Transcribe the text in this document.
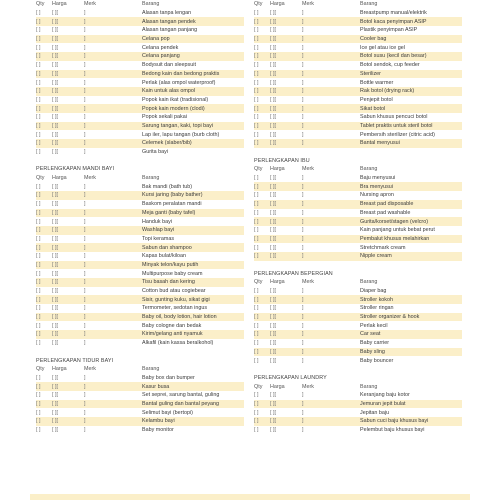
Qty	Harga	Merk	Barang
[ ]	[ ][	]	Alasan tanpa lengan
[ ]	[ ][	]	Alasan tangan pendek
[ ]	[ ][	]	Alasan tangan panjang
[ ]	[ ][	]	Celana pop
[ ]	[ ][	]	Celana pendek
[ ]	[ ][	]	Celana panjang
[ ]	[ ][	]	Bodysuit dan sleepsuit
[ ]	[ ][	]	Bedong kain dan bedong praktis
[ ]	[ ][	]	Perlak (alas ompol waterproof)
[ ]	[ ][	]	Kain untuk alas ompol
[ ]	[ ][	]	Popok kain ikat (tradisional)
[ ]	[ ][	]	Popok kain modern (clodi)
[ ]	[ ][	]	Popok sekali pakai
[ ]	[ ][	]	Sarung tangan, kaki, topi bayi
[ ]	[ ][	]	Lap iler, lapu tangan (burb cloth)
[ ]	[ ][	]	Celemek (slaber/bib)
[ ]	[ ][	]	Gurita bayi
PERLENGKAPAN MANDI BAYI
Qty	Harga	Merk	Barang
[ ]	[ ][	]	Bak mandi (bath tub)
[ ]	[ ][	]	Kursi jaring (baby bather)
[ ]	[ ][	]	Baskom peralatan mandi
[ ]	[ ][	]	Meja ganti (baby tafel)
[ ]	[ ][	]	Handuk bayi
[ ]	[ ][	]	Washlap bayi
[ ]	[ ][	]	Topi keramas
[ ]	[ ][	]	Sabun dan shampoo
[ ]	[ ][	]	Kapas bulat/kiloan
[ ]	[ ][	]	Minyak telon/kayu putih
[ ]	[ ][	]	Multipurpose baby cream
[ ]	[ ][	]	Tisu basah dan kering
[ ]	[ ][	]	Cotton bud atau cogiebear
[ ]	[ ][	]	Sisir, gunting kuku, sikat gigi
[ ]	[ ][	]	Termometer, sedotan ingus
[ ]	[ ][	]	Baby oil, body lotion, hair lotion
[ ]	[ ][	]	Baby cologne dan bedak
[ ]	[ ][	]	Kirim/gelang anti nyamuk
[ ]	[ ][	]	Alkafil (kain kassa beralkohol)
PERLENGKAPAN TIDUR BAYI
Qty	Harga	Merk	Barang
[ ]	[ ][	]	Baby box dan bumper
[ ]	[ ][	]	Kasur busa
[ ]	[ ][	]	Set seprei, sarung bantal, guling
[ ]	[ ][	]	Bantal guling dan bantal peyang
[ ]	[ ][	]	Selimut bayi (bertopi)
[ ]	[ ][	]	Kelambu bayi
[ ]	[ ][	]	Baby monitor
Qty	Harga	Merk	Barang
[ ]	[ ][	]	Breastpump manual/elektrik
[ ]	[ ][	]	Botol kaca penyimpan ASIP
[ ]	[ ][	]	Plastik penyimpan ASIP
[ ]	[ ][	]	Cooler bag
[ ]	[ ][	]	Ice gel atau ice gel
[ ]	[ ][	]	Botol susu (kecil dan besar)
[ ]	[ ][	]	Botol sendok, cup feeder
[ ]	[ ][	]	Sterilizer
[ ]	[ ][	]	Bottle warmer
[ ]	[ ][	]	Rak botol (drying rack)
[ ]	[ ][	]	Penjepit botol
[ ]	[ ][	]	Sikat botol
[ ]	[ ][	]	Sabun khusus pencuci botol
[ ]	[ ][	]	Tablet praktis untuk steril botol
[ ]	[ ][	]	Pembersih sterilizer (citric acid)
[ ]	[ ][	]	Bantal menyusui
PERLENGKAPAN IBU
Qty	Harga	Merk	Barang
[ ]	[ ][	]	Baju menyusui
[ ]	[ ][	]	Bra menyusui
[ ]	[ ][	]	Nursing apron
[ ]	[ ][	]	Breast pad disposable
[ ]	[ ][	]	Breast pad washable
[ ]	[ ][	]	Gurita/korset/stagen (velcro)
[ ]	[ ][	]	Kain panjang untuk bebat perut
[ ]	[ ][	]	Pembalut khusus melahirkan
[ ]	[ ][	]	Stretchmark cream
[ ]	[ ][	]	Nipple cream
PERLENGKAPAN BEPERGIAN
Qty	Harga	Merk	Barang
[ ]	[ ][	]	Diaper bag
[ ]	[ ][	]	Stroller kokoh
[ ]	[ ][	]	Stroller ringan
[ ]	[ ][	]	Stroller organizer & hook
[ ]	[ ][	]	Perlak kecil
[ ]	[ ][	]	Car seat
[ ]	[ ][	]	Baby carrier
[ ]	[ ][	]	Baby sling
[ ]	[ ][	]	Baby bouncer
PERLENGKAPAN LAUNDRY
Qty	Harga	Merk	Barang
[ ]	[ ][	]	Keranjang baju kotor
[ ]	[ ][	]	Jemuran jepit bulat
[ ]	[ ][	]	Jepitan baju
[ ]	[ ][	]	Sabun cuci baju khusus bayi
[ ]	[ ][	]	Pelembut baju khusus bayi
